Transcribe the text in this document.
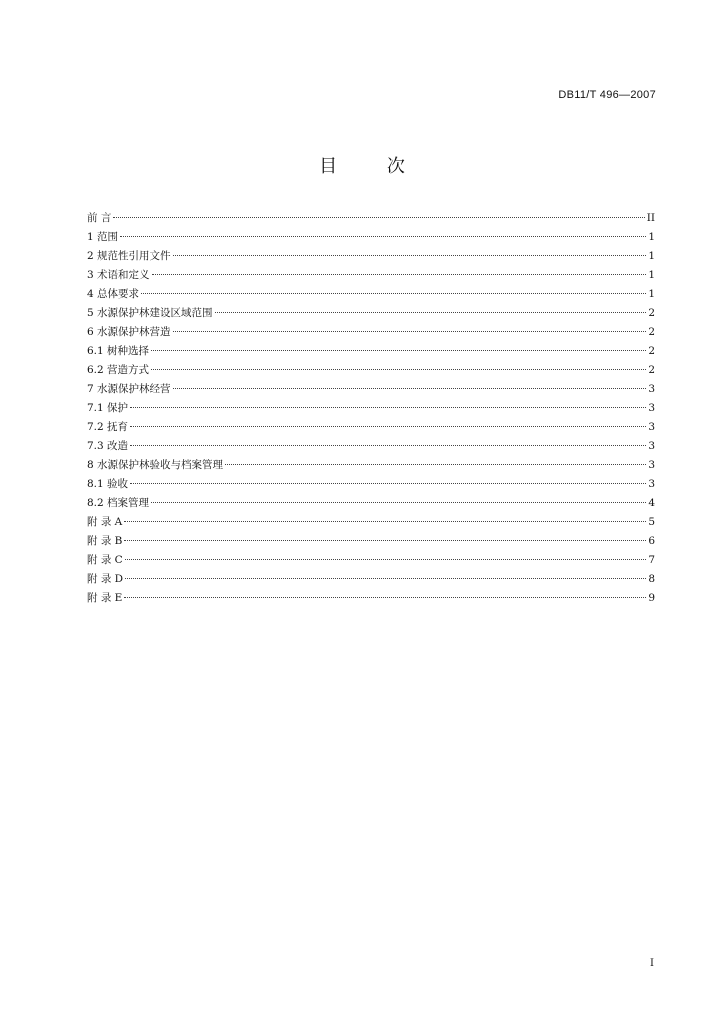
DB11/T 496—2007
目 次
前 言	II
1 范围	1
2 规范性引用文件	1
3 术语和定义	1
4 总体要求	1
5 水源保护林建设区域范围	2
6 水源保护林营造	2
6.1 树种选择	2
6.2 营造方式	2
7 水源保护林经营	3
7.1 保护	3
7.2 抚育	3
7.3 改造	3
8 水源保护林验收与档案管理	3
8.1 验收	3
8.2 档案管理	4
附 录 A	5
附 录 B	6
附 录 C	7
附 录 D	8
附 录 E	9
I
